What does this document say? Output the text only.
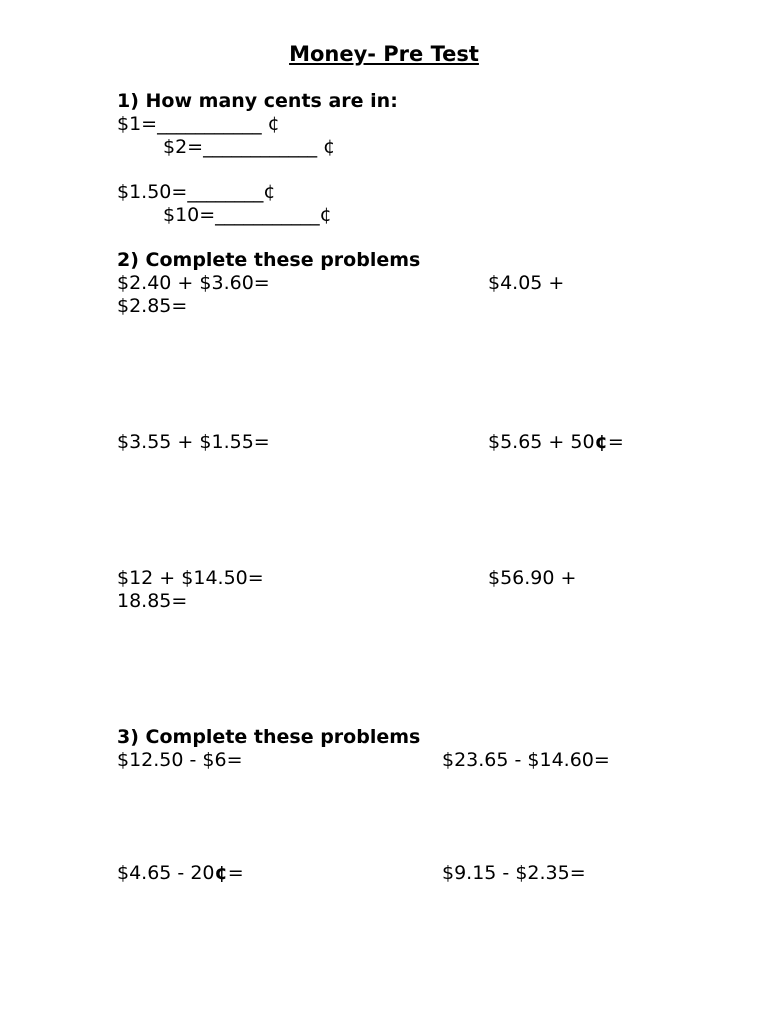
Money- Pre Test
1) How many cents are in:
$1=___________ ¢
$2=____________ ¢
$1.50=________¢
$10=___________¢
2) Complete these problems
$2.40 + $3.60=	$4.05 +
$2.85=
$3.55 + $1.55=	$5.65 + 50¢=
$12 + $14.50=	$56.90 +
18.85=
3) Complete these problems
$12.50 - $6=	$23.65 - $14.60=
$4.65 - 20¢=	$9.15 - $2.35=
